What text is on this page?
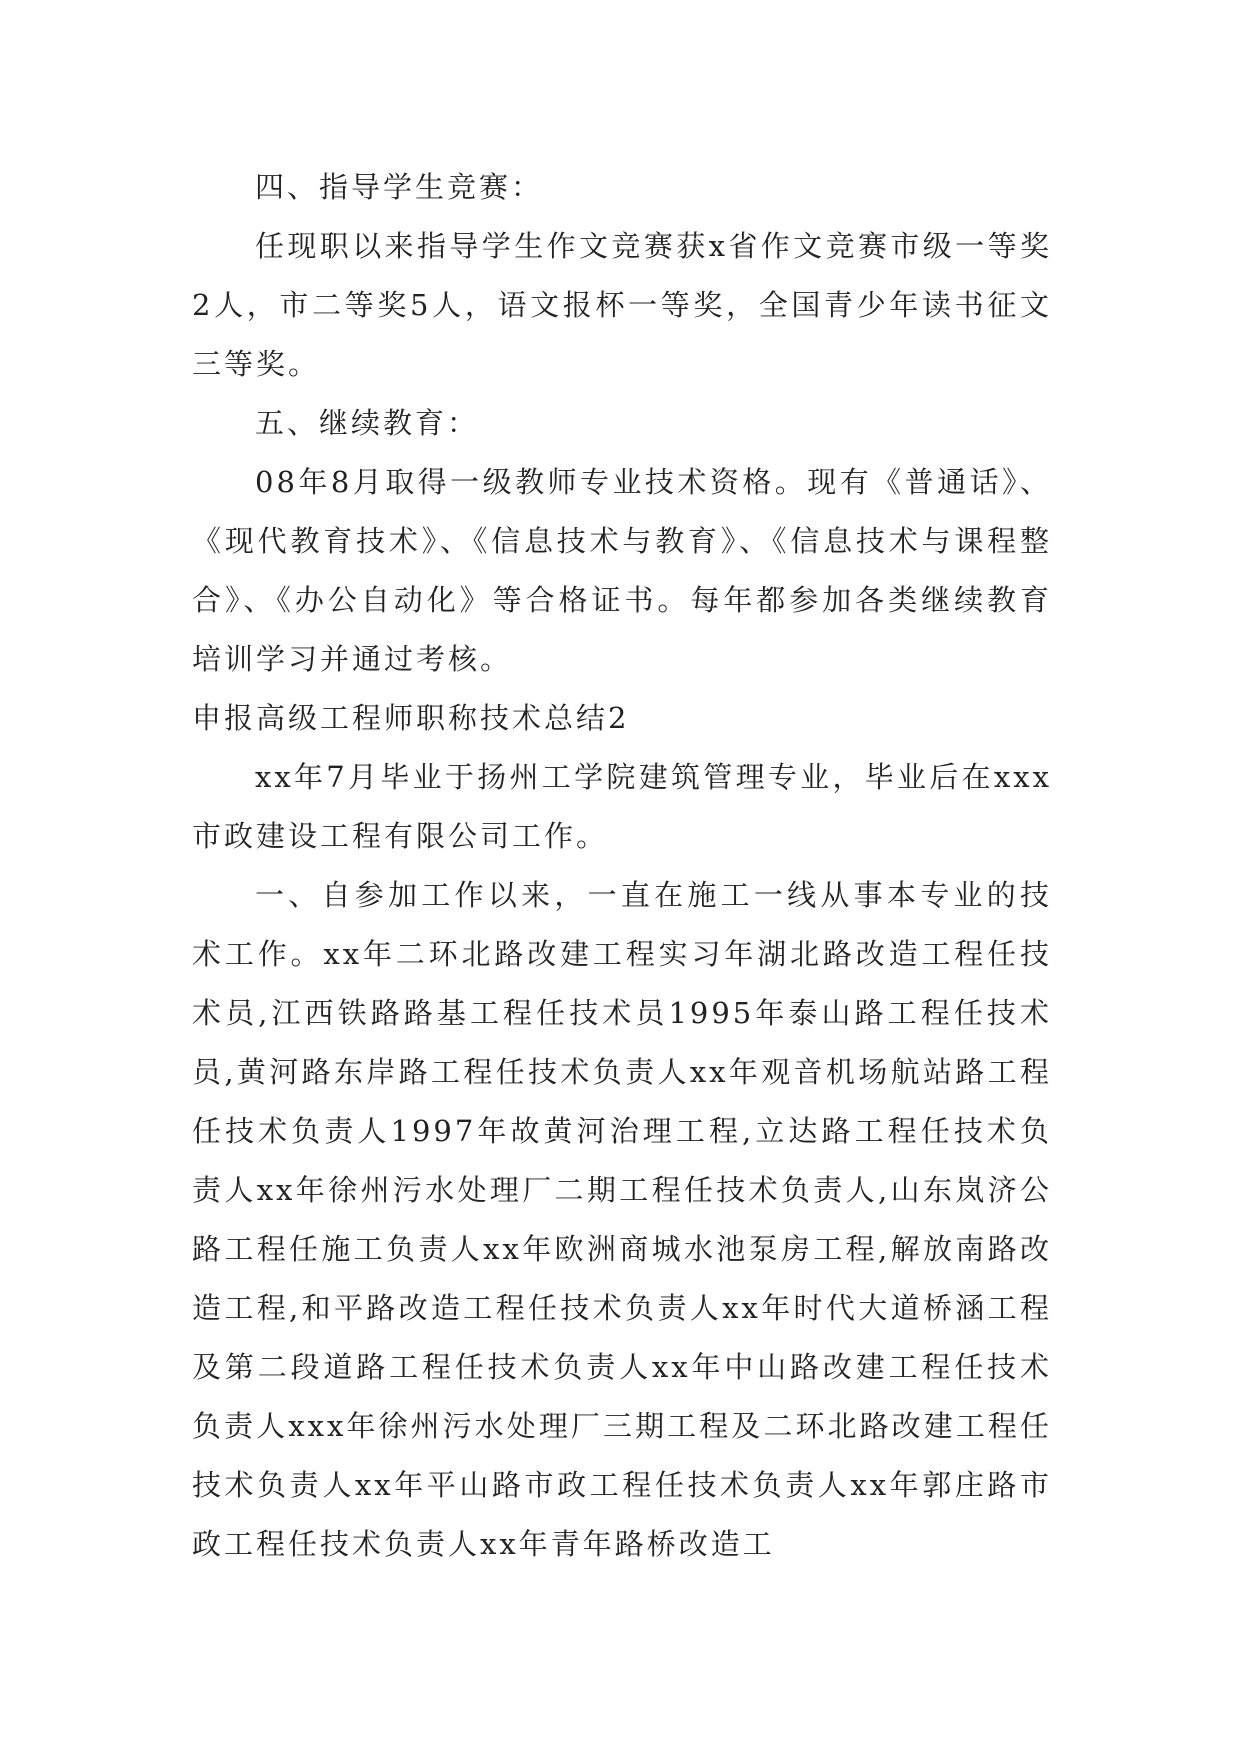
四、指导学生竞赛：

任现职以来指导学生作文竞赛获x省作文竞赛市级一等奖2人，市二等奖5人，语文报杯一等奖，全国青少年读书征文三等奖。

五、继续教育：

08年8月取得一级教师专业技术资格。现有《普通话》、《现代教育技术》、《信息技术与教育》、《信息技术与课程整合》、《办公自动化》等合格证书。每年都参加各类继续教育培训学习并通过考核。

申报高级工程师职称技术总结2

xx年7月毕业于扬州工学院建筑管理专业，毕业后在xxx市政建设工程有限公司工作。

一、自参加工作以来，一直在施工一线从事本专业的技术工作。xx年二环北路改建工程实习年湖北路改造工程任技术员,江西铁路路基工程任技术员1995年泰山路工程任技术员,黄河路东岸路工程任技术负责人xx年观音机场航站路工程任技术负责人1997年故黄河治理工程,立达路工程任技术负责人xx年徐州污水处理厂二期工程任技术负责人,山东岚济公路工程任施工负责人xx年欧洲商城水池泵房工程,解放南路改造工程,和平路改造工程任技术负责人xx年时代大道桥涵工程及第二段道路工程任技术负责人xx年中山路改建工程任技术负责人xxx年徐州污水处理厂三期工程及二环北路改建工程任技术负责人xx年平山路市政工程任技术负责人xx年郭庄路市政工程任技术负责人xx年青年路桥改造工
